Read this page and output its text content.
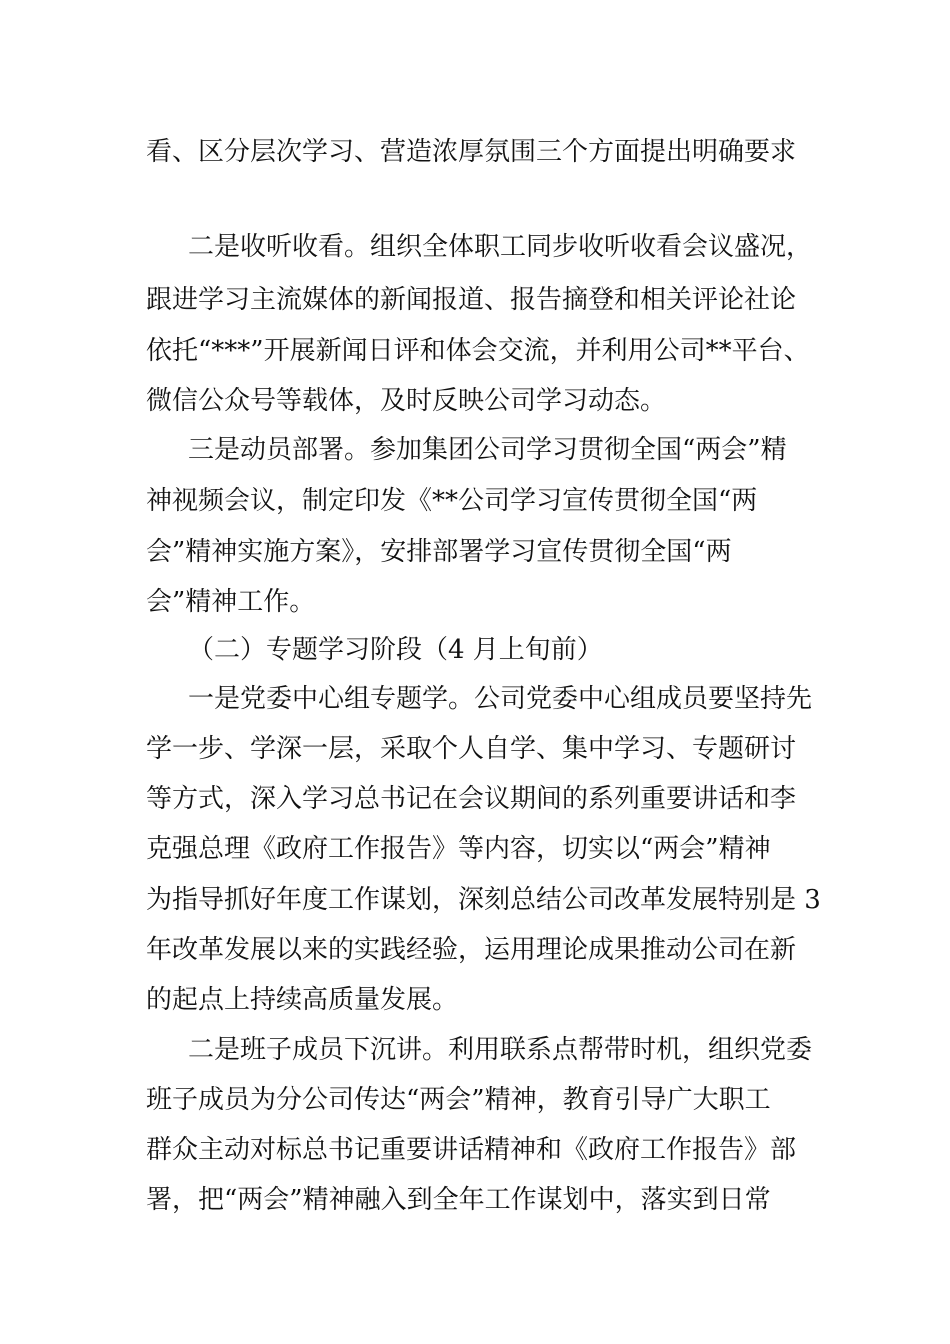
看、区分层次学习、营造浓厚氛围三个方面提出明确要求
二是收听收看。组织全体职工同步收听收看会议盛况，
跟进学习主流媒体的新闻报道、报告摘登和相关评论社论
依托“***”开展新闻日评和体会交流，并利用公司**平台、
微信公众号等载体，及时反映公司学习动态。
三是动员部署。参加集团公司学习贯彻全国“两会”精
神视频会议，制定印发《**公司学习宣传贯彻全国“两
会”精神实施方案》，安排部署学习宣传贯彻全国“两
会”精神工作。
（二）专题学习阶段（4 月上旬前）
一是党委中心组专题学。公司党委中心组成员要坚持先
学一步、学深一层，采取个人自学、集中学习、专题研讨
等方式，深入学习总书记在会议期间的系列重要讲话和李
克强总理《政府工作报告》等内容，切实以“两会”精神
为指导抓好年度工作谋划，深刻总结公司改革发展特别是 3
年改革发展以来的实践经验，运用理论成果推动公司在新
的起点上持续高质量发展。
二是班子成员下沉讲。利用联系点帮带时机，组织党委
班子成员为分公司传达“两会”精神，教育引导广大职工
群众主动对标总书记重要讲话精神和《政府工作报告》部
署，把“两会”精神融入到全年工作谋划中，落实到日常
